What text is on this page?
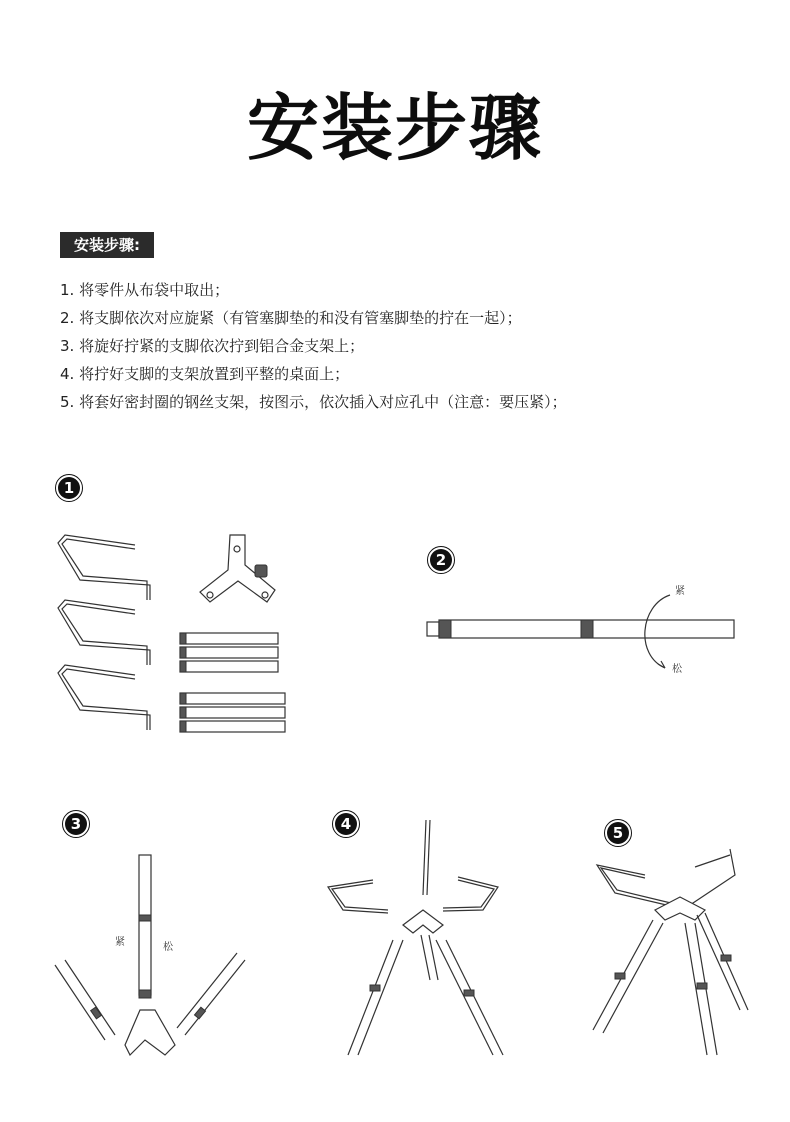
安装步骤
安装步骤:
1. 将零件从布袋中取出；
2. 将支脚依次对应旋紧（有管塞脚垫的和没有管塞脚垫的拧在一起）；
3. 将旋好拧紧的支脚依次拧到铝合金支架上；
4. 将拧好支脚的支架放置到平整的桌面上；
5. 将套好密封圈的钢丝支架，按图示，依次插入对应孔中（注意：要压紧）；
1
2
紧
松
3
紧	松
4	5
